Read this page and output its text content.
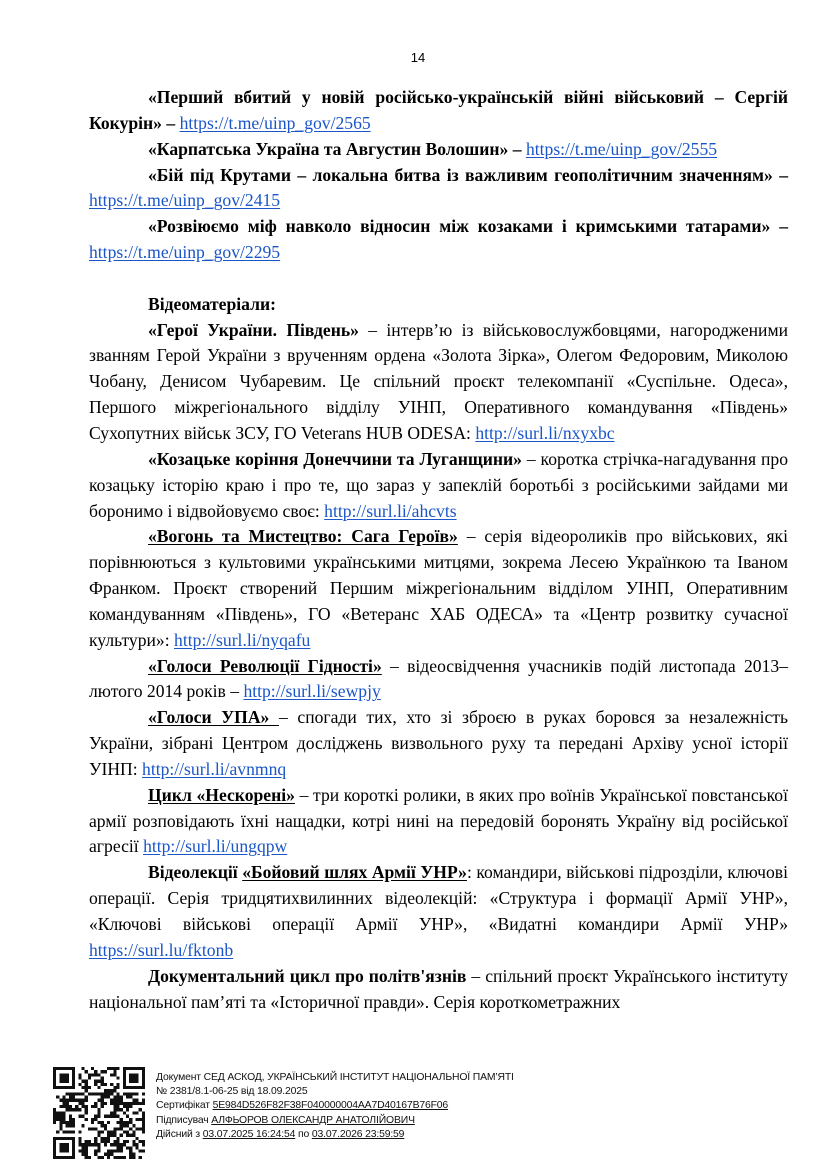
14

«Перший вбитий у новій російсько-українській війні військовий – Сергій Кокурін» – https://t.me/uinp_gov/2565

«Карпатська Україна та Августин Волошин» – https://t.me/uinp_gov/2555

«Бій під Крутами – локальна битва із важливим геополітичним значенням» – https://t.me/uinp_gov/2415

«Розвіюємо міф навколо відносин між козаками і кримськими татарами» – https://t.me/uinp_gov/2295

Відеоматеріали:

«Герої України. Південь» – інтерв’ю із військовослужбовцями, нагородженими званням Герой України з врученням ордена «Золота Зірка», Олегом Федоровим, Миколою Чобану, Денисом Чубаревим. Це спільний проєкт телекомпанії «Суспільне. Одеса», Першого міжрегіонального відділу УІНП, Оперативного командування «Південь» Сухопутних військ ЗСУ, ГО Veterans HUB ODESA: http://surl.li/nxyxbc

«Козацьке коріння Донеччини та Луганщини» – коротка стрічка-нагадування про козацьку історію краю і про те, що зараз у запеклій боротьбі з російськими зайдами ми боронимо і відвойовуємо своє: http://surl.li/ahcvts

«Вогонь та Мистецтво: Сага Героїв» – серія відеороликів про військових, які порівнюються з культовими українськими митцями, зокрема Лесею Українкою та Іваном Франком. Проєкт створений Першим міжрегіональним відділом УІНП, Оперативним командуванням «Південь», ГО «Ветеранс ХАБ ОДЕСА» та «Центр розвитку сучасної культури»: http://surl.li/nyqafu

«Голоси Революції Гідності» – відеосвідчення учасників подій листопада 2013–лютого 2014 років – http://surl.li/sewpjy

«Голоси УПА» – спогади тих, хто зі зброєю в руках боровся за незалежність України, зібрані Центром досліджень визвольного руху та передані Архіву усної історії УІНП: http://surl.li/avnmnq

Цикл «Нескорені» – три короткі ролики, в яких про воїнів Української повстанської армії розповідають їхні нащадки, котрі нині на передовій боронять Україну від російської агресії http://surl.li/ungqpw

Відеолекції «Бойовий шлях Армії УНР»: командири, військові підрозділи, ключові операції. Серія тридцятихвилинних відеолекцій: «Структура і формації Армії УНР», «Ключові військові операції Армії УНР», «Видатні командири Армії УНР» https://surl.lu/fktonb

Документальний цикл про політв'язнів – спільний проєкт Українського інституту національної пам’яті та «Історичної правди». Серія короткометражних

Документ СЕД АСКОД, УКРАЇНСЬКИЙ ІНСТИТУТ НАЦІОНАЛЬНОЇ ПАМ’ЯТІ
№ 2381/8.1-06-25 від 18.09.2025
Сертифікат 5E984D526F82F38F040000004AA7D40167B76F06
Підписувач АЛФЬОРОВ ОЛЕКСАНДР АНАТОЛІЙОВИЧ
Дійсний з 03.07.2025 16:24:54 по 03.07.2026 23:59:59
